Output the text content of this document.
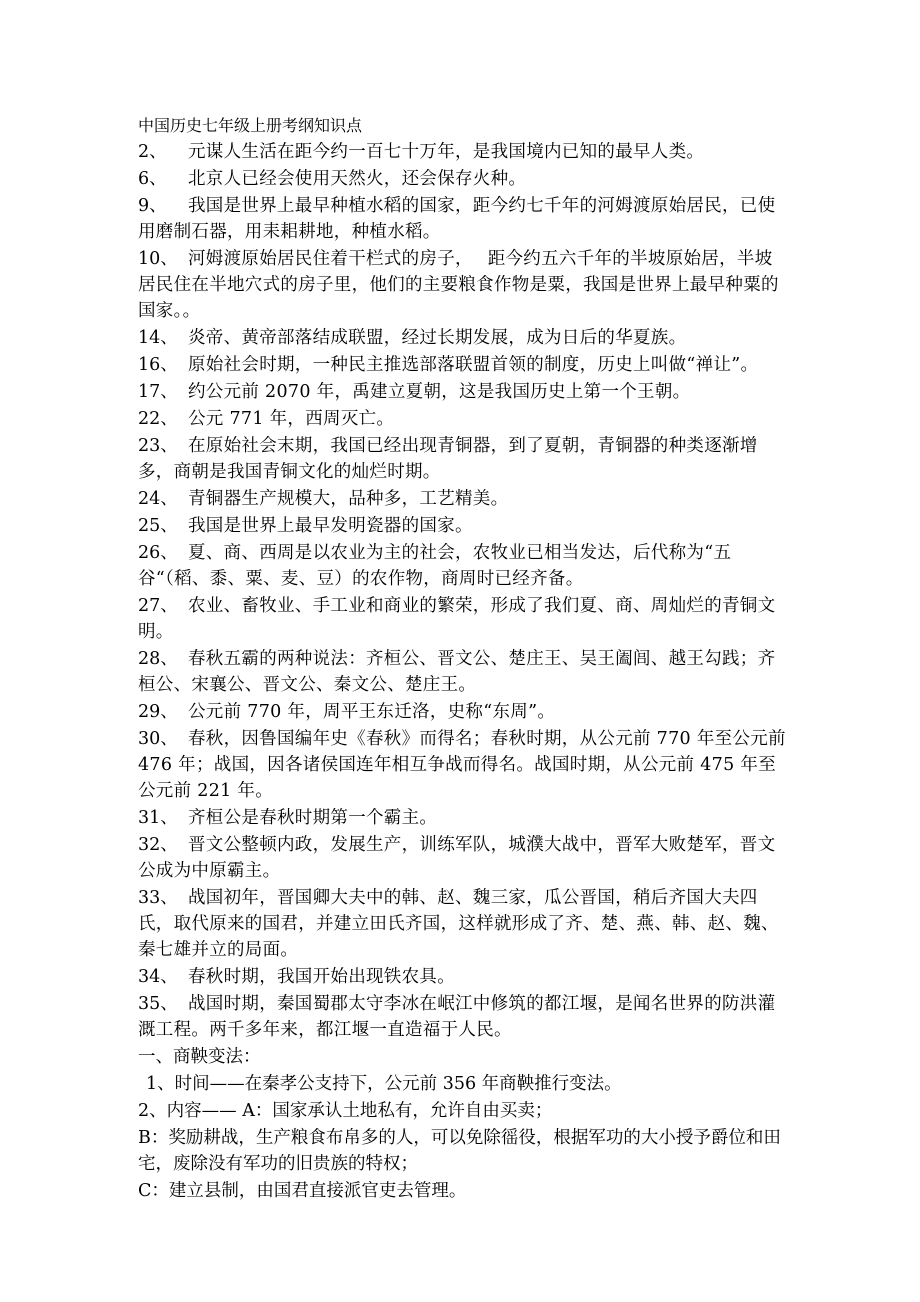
中国历史七年级上册考纲知识点
2、 元谋人生活在距今约一百七十万年，是我国境内已知的最早人类。
6、 北京人已经会使用天然火，还会保存火种。
9、 我国是世界上最早种植水稻的国家，距今约七千年的河姆渡原始居民，已使用磨制石器，用耒耜耕地，种植水稻。
10、 河姆渡原始居民住着干栏式的房子，　 距今约五六千年的半坡原始居，半坡居民住在半地穴式的房子里，他们的主要粮食作物是粟，我国是世界上最早种粟的国家。。
14、 炎帝、黄帝部落结成联盟，经过长期发展，成为日后的华夏族。
16、 原始社会时期，一种民主推选部落联盟首领的制度，历史上叫做“禅让”。
17、 约公元前 2070 年，禹建立夏朝，这是我国历史上第一个王朝。
22、 公元 771 年，西周灭亡。
23、 在原始社会末期，我国已经出现青铜器，到了夏朝，青铜器的种类逐渐增多，商朝是我国青铜文化的灿烂时期。
24、 青铜器生产规模大，品种多，工艺精美。
25、 我国是世界上最早发明瓷器的国家。
26、 夏、商、西周是以农业为主的社会，农牧业已相当发达，后代称为“五谷“（稻、黍、粟、麦、豆）的农作物，商周时已经齐备。
27、 农业、畜牧业、手工业和商业的繁荣，形成了我们夏、商、周灿烂的青铜文明。
28、 春秋五霸的两种说法：齐桓公、晋文公、楚庄王、吴王阖闾、越王勾践；齐桓公、宋襄公、晋文公、秦文公、楚庄王。
29、 公元前 770 年，周平王东迁洛，史称“东周”。
30、 春秋，因鲁国编年史《春秋》而得名；春秋时期，从公元前 770 年至公元前 476 年；战国，因各诸侯国连年相互争战而得名。战国时期，从公元前 475 年至公元前 221 年。
31、 齐桓公是春秋时期第一个霸主。
32、 晋文公整顿内政，发展生产，训练军队，城濮大战中，晋军大败楚军，晋文公成为中原霸主。
33、 战国初年，晋国卿大夫中的韩、赵、魏三家，瓜公晋国，稍后齐国大夫四氏，取代原来的国君，并建立田氏齐国，这样就形成了齐、楚、燕、韩、赵、魏、秦七雄并立的局面。
34、 春秋时期，我国开始出现铁农具。
35、 战国时期，秦国蜀郡太守李冰在岷江中修筑的都江堰，是闻名世界的防洪灌溉工程。两千多年来，都江堰一直造福于人民。
一、商鞅变法：
1、时间——在秦孝公支持下，公元前 356 年商鞅推行变法。
2、内容—— A：国家承认土地私有，允许自由买卖；
B：奖励耕战，生产粮食布帛多的人，可以免除徭役，根据军功的大小授予爵位和田宅，废除没有军功的旧贵族的特权；
C：建立县制，由国君直接派官吏去管理。
